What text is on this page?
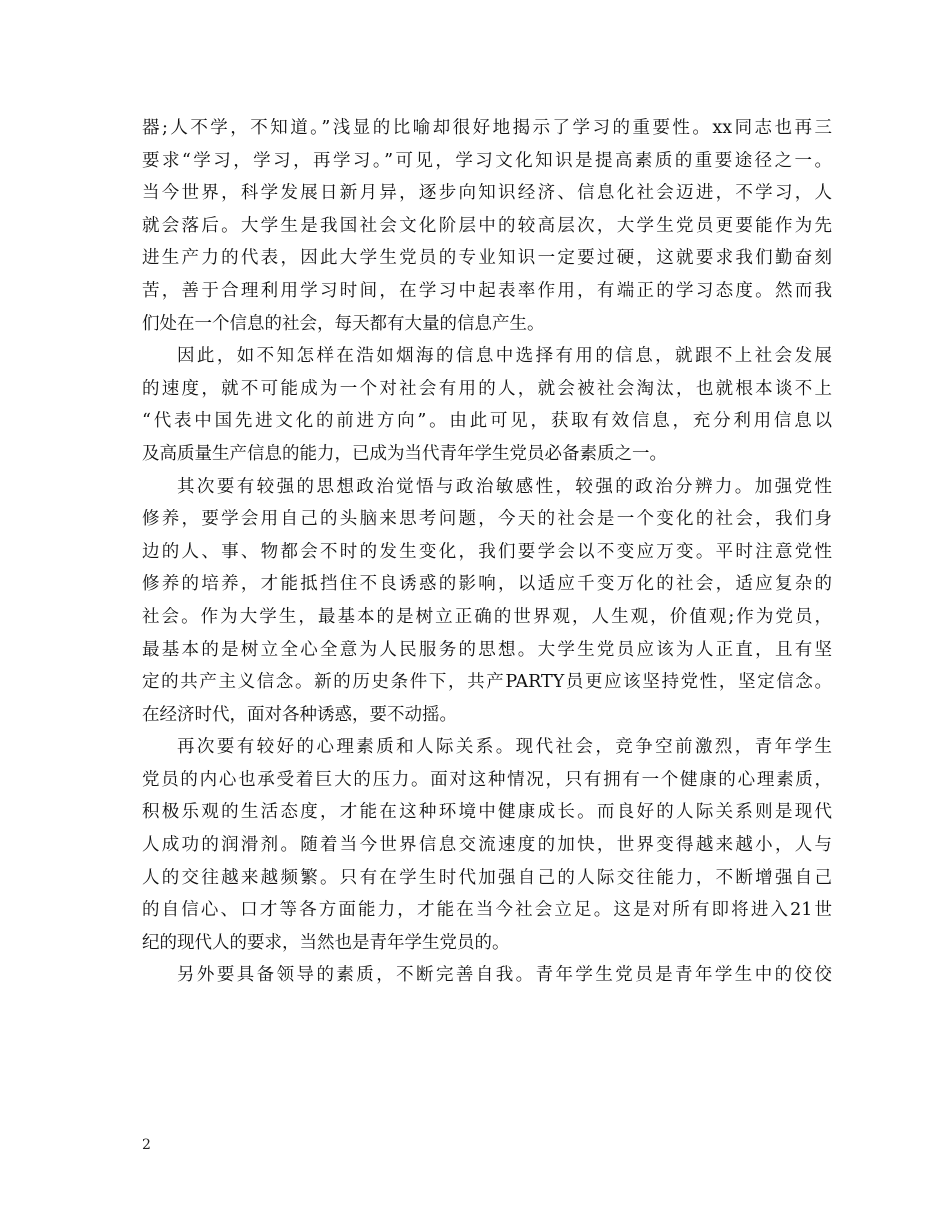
器;人不学，不知道。”浅显的比喻却很好地揭示了学习的重要性。xx同志也再三
要求“学习，学习，再学习。”可见，学习文化知识是提高素质的重要途径之一。
当今世界，科学发展日新月异，逐步向知识经济、信息化社会迈进，不学习，人
就会落后。大学生是我国社会文化阶层中的较高层次，大学生党员更要能作为先
进生产力的代表，因此大学生党员的专业知识一定要过硬，这就要求我们勤奋刻
苦，善于合理利用学习时间，在学习中起表率作用，有端正的学习态度。然而我
们处在一个信息的社会，每天都有大量的信息产生。
因此，如不知怎样在浩如烟海的信息中选择有用的信息，就跟不上社会发展
的速度，就不可能成为一个对社会有用的人，就会被社会淘汰，也就根本谈不上
“代表中国先进文化的前进方向”。由此可见，获取有效信息，充分利用信息以
及高质量生产信息的能力，已成为当代青年学生党员必备素质之一。
其次要有较强的思想政治觉悟与政治敏感性，较强的政治分辨力。加强党性
修养，要学会用自己的头脑来思考问题，今天的社会是一个变化的社会，我们身
边的人、事、物都会不时的发生变化，我们要学会以不变应万变。平时注意党性
修养的培养，才能抵挡住不良诱惑的影响，以适应千变万化的社会，适应复杂的
社会。作为大学生，最基本的是树立正确的世界观，人生观，价值观;作为党员，
最基本的是树立全心全意为人民服务的思想。大学生党员应该为人正直，且有坚
定的共产主义信念。新的历史条件下，共产PARTY员更应该坚持党性，坚定信念。
在经济时代，面对各种诱惑，要不动摇。
再次要有较好的心理素质和人际关系。现代社会，竞争空前激烈，青年学生
党员的内心也承受着巨大的压力。面对这种情况，只有拥有一个健康的心理素质，
积极乐观的生活态度，才能在这种环境中健康成长。而良好的人际关系则是现代
人成功的润滑剂。随着当今世界信息交流速度的加快，世界变得越来越小，人与
人的交往越来越频繁。只有在学生时代加强自己的人际交往能力，不断增强自己
的自信心、口才等各方面能力，才能在当今社会立足。这是对所有即将进入21世
纪的现代人的要求，当然也是青年学生党员的。
另外要具备领导的素质，不断完善自我。青年学生党员是青年学生中的佼佼
2
